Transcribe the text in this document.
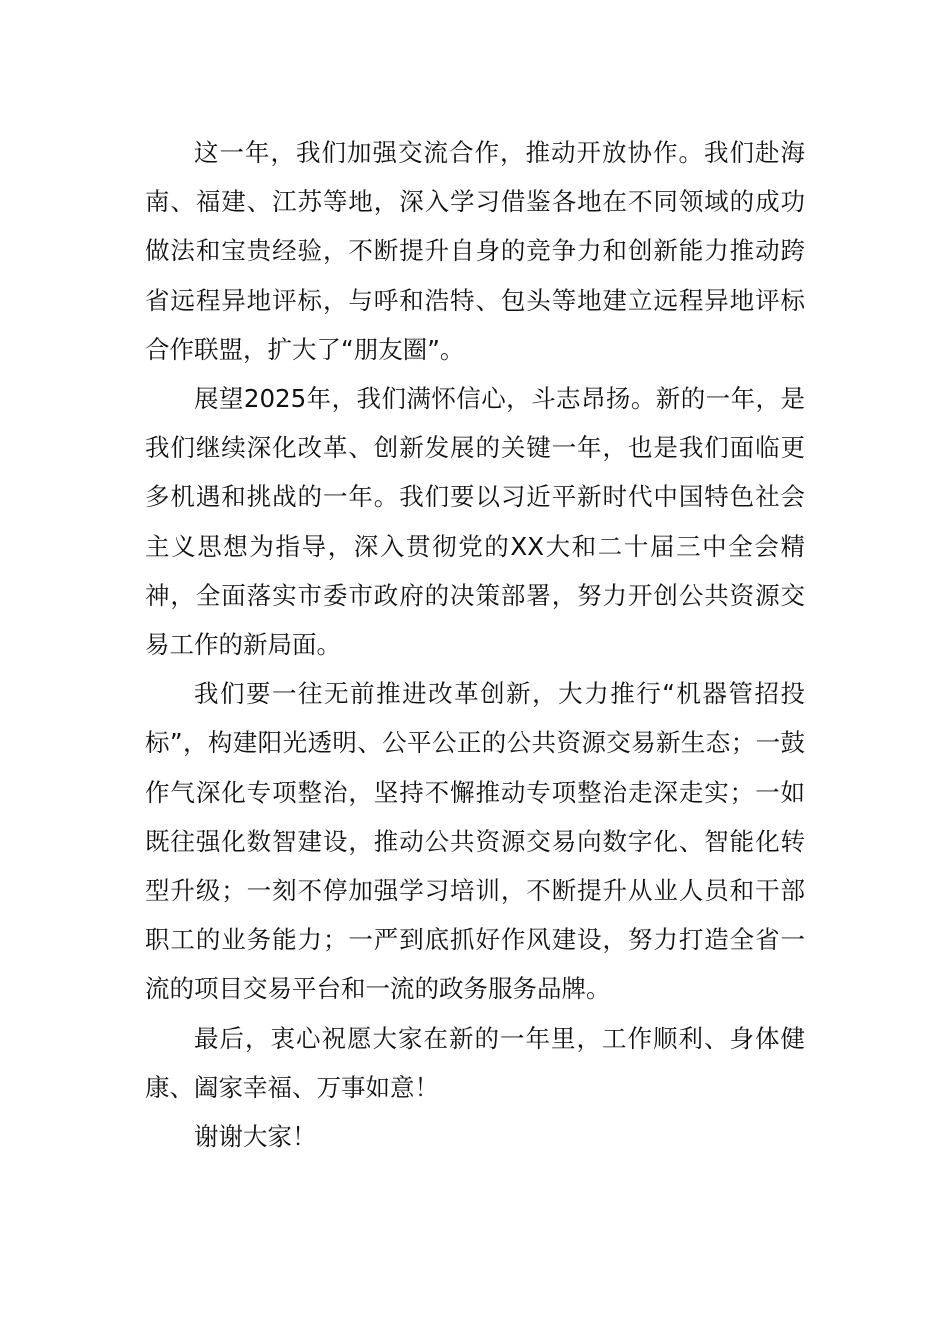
这一年，我们加强交流合作，推动开放协作。我们赴海南、福建、江苏等地，深入学习借鉴各地在不同领域的成功做法和宝贵经验，不断提升自身的竞争力和创新能力推动跨省远程异地评标，与呼和浩特、包头等地建立远程异地评标合作联盟，扩大了“朋友圈”。

展望2025年，我们满怀信心，斗志昂扬。新的一年，是我们继续深化改革、创新发展的关键一年，也是我们面临更多机遇和挑战的一年。我们要以习近平新时代中国特色社会主义思想为指导，深入贯彻党的XX大和二十届三中全会精神，全面落实市委市政府的决策部署，努力开创公共资源交易工作的新局面。

我们要一往无前推进改革创新，大力推行“机器管招投标”，构建阳光透明、公平公正的公共资源交易新生态；一鼓作气深化专项整治，坚持不懈推动专项整治走深走实；一如既往强化数智建设，推动公共资源交易向数字化、智能化转型升级；一刻不停加强学习培训，不断提升从业人员和干部职工的业务能力；一严到底抓好作风建设，努力打造全省一流的项目交易平台和一流的政务服务品牌。

最后，衷心祝愿大家在新的一年里，工作顺利、身体健康、阖家幸福、万事如意！

谢谢大家！
